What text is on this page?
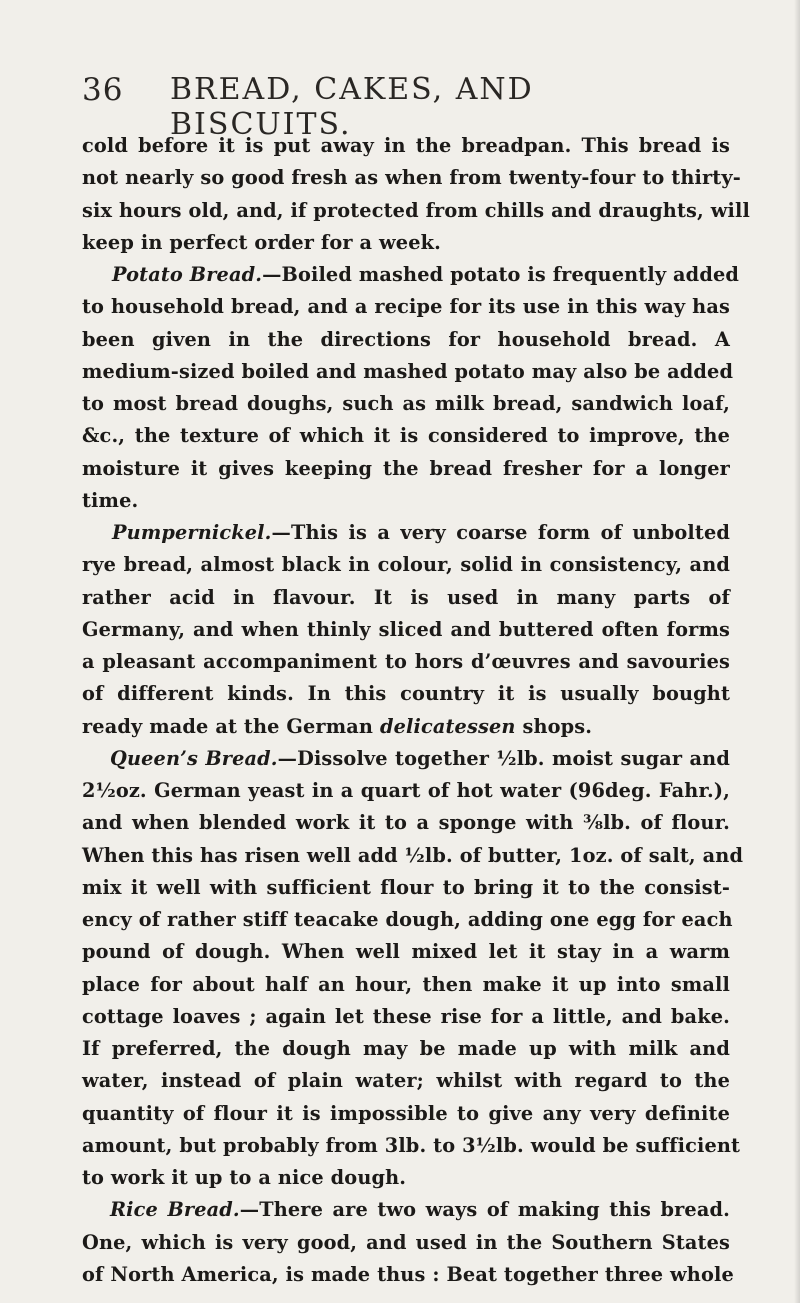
36 BREAD, CAKES, AND BISCUITS.
cold before it is put away in the breadpan. This bread is
not nearly so good fresh as when from twenty-four to thirty-
six hours old, and, if protected from chills and draughts, will
keep in perfect order for a week.
Potato Bread.—Boiled mashed potato is frequently added
to household bread, and a recipe for its use in this way has
been given in the directions for household bread. A
medium-sized boiled and mashed potato may also be added
to most bread doughs, such as milk bread, sandwich loaf,
&c., the texture of which it is considered to improve, the
moisture it gives keeping the bread fresher for a longer
time.
Pumpernickel.—This is a very coarse form of unbolted
rye bread, almost black in colour, solid in consistency, and
rather acid in flavour. It is used in many parts of
Germany, and when thinly sliced and buttered often forms
a pleasant accompaniment to hors d’œuvres and savouries
of different kinds. In this country it is usually bought
ready made at the German delicatessen shops.
Queen’s Bread.—Dissolve together ½lb. moist sugar and
2½oz. German yeast in a quart of hot water (96deg. Fahr.),
and when blended work it to a sponge with ⅜lb. of flour.
When this has risen well add ½lb. of butter, 1oz. of salt, and
mix it well with sufficient flour to bring it to the consist-
ency of rather stiff teacake dough, adding one egg for each
pound of dough. When well mixed let it stay in a warm
place for about half an hour, then make it up into small
cottage loaves ; again let these rise for a little, and bake.
If preferred, the dough may be made up with milk and
water, instead of plain water; whilst with regard to the
quantity of flour it is impossible to give any very definite
amount, but probably from 3lb. to 3½lb. would be sufficient
to work it up to a nice dough.
Rice Bread.—There are two ways of making this bread.
One, which is very good, and used in the Southern States
of North America, is made thus : Beat together three whole
